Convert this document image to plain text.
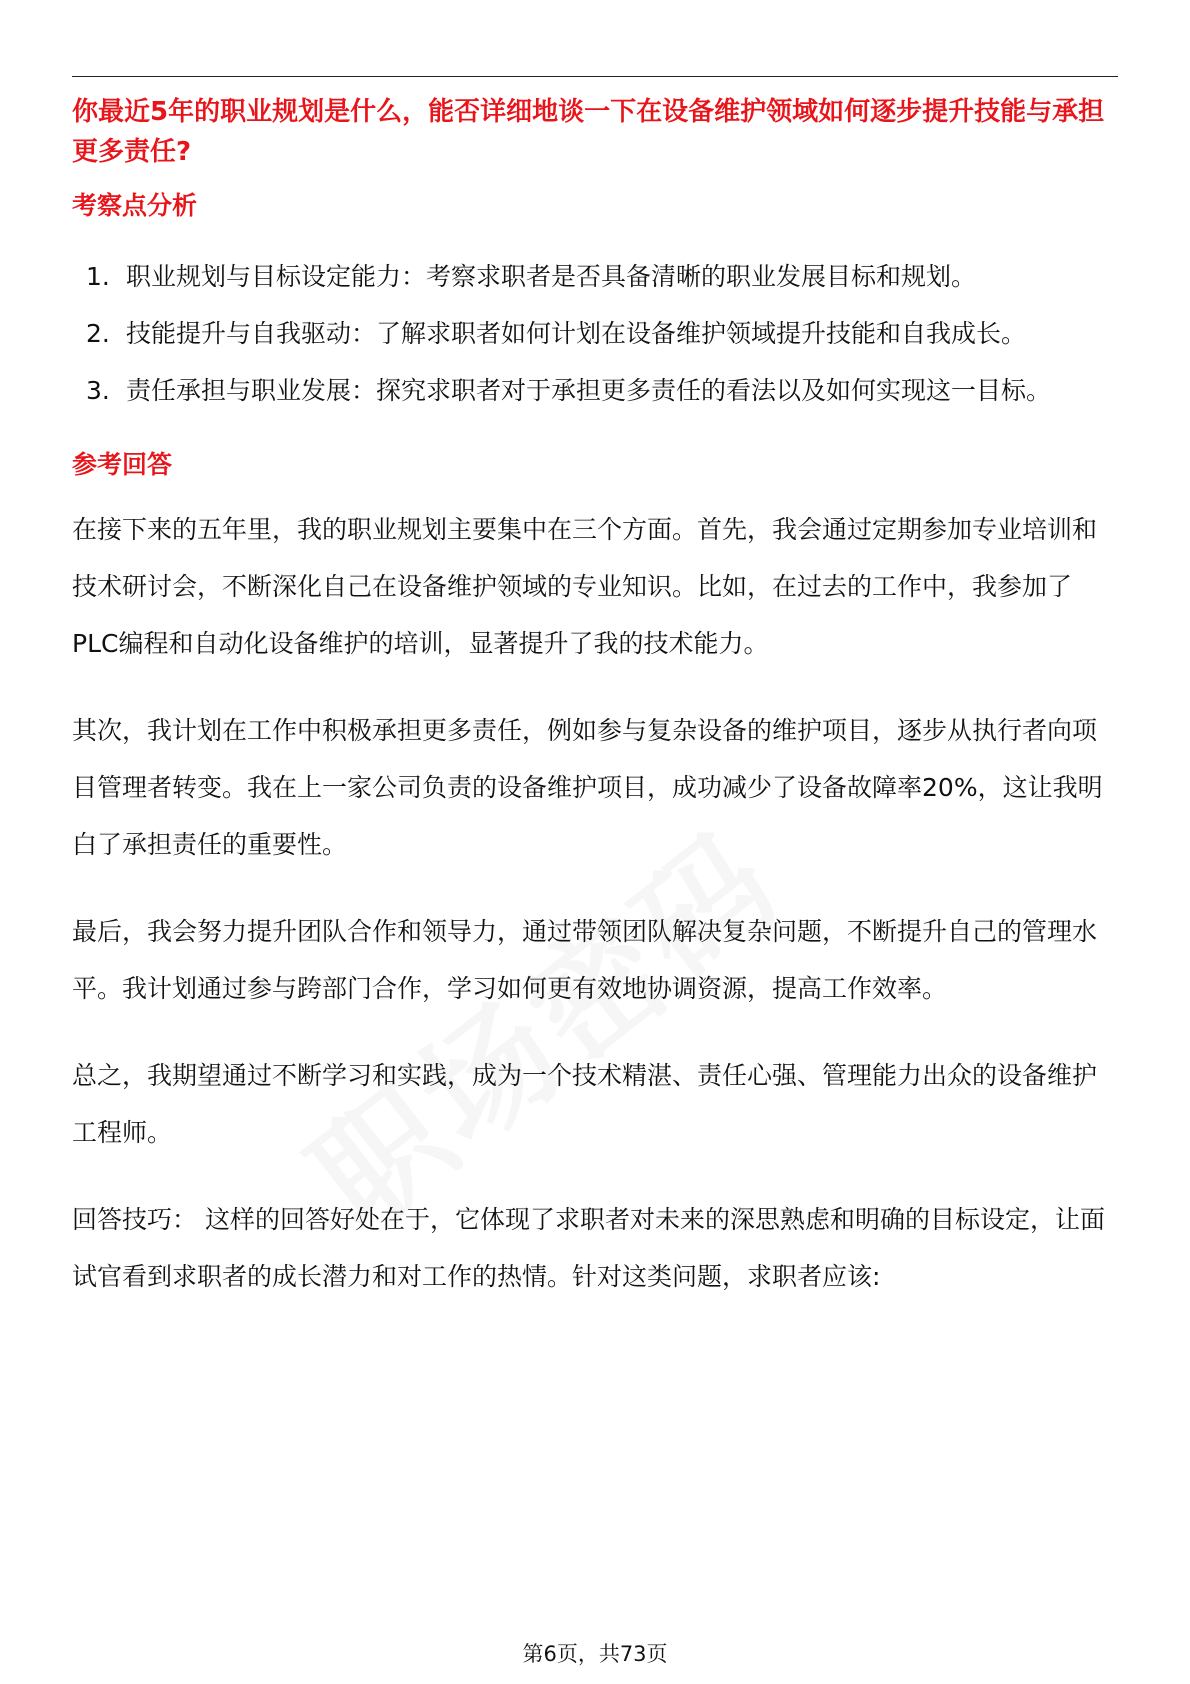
你最近5年的职业规划是什么，能否详细地谈一下在设备维护领域如何逐步提升技能与承担更多责任?

考察点分析
1. 职业规划与目标设定能力：考察求职者是否具备清晰的职业发展目标和规划。
2. 技能提升与自我驱动：了解求职者如何计划在设备维护领域提升技能和自我成长。
3. 责任承担与职业发展：探究求职者对于承担更多责任的看法以及如何实现这一目标。
参考回答

在接下来的五年里，我的职业规划主要集中在三个方面。首先，我会通过定期参加专业培训和技术研讨会，不断深化自己在设备维护领域的专业知识。比如，在过去的工作中，我参加了PLC编程和自动化设备维护的培训，显著提升了我的技术能力。

其次，我计划在工作中积极承担更多责任，例如参与复杂设备的维护项目，逐步从执行者向项目管理者转变。我在上一家公司负责的设备维护项目，成功减少了设备故障率20%，这让我明白了承担责任的重要性。

最后，我会努力提升团队合作和领导力，通过带领团队解决复杂问题，不断提升自己的管理水平。我计划通过参与跨部门合作，学习如何更有效地协调资源，提高工作效率。

总之，我期望通过不断学习和实践，成为一个技术精湛、责任心强、管理能力出众的设备维护工程师。

回答技巧： 这样的回答好处在于，它体现了求职者对未来的深思熟虑和明确的目标设定，让面试官看到求职者的成长潜力和对工作的热情。针对这类问题，求职者应该:

第6页，共73页
